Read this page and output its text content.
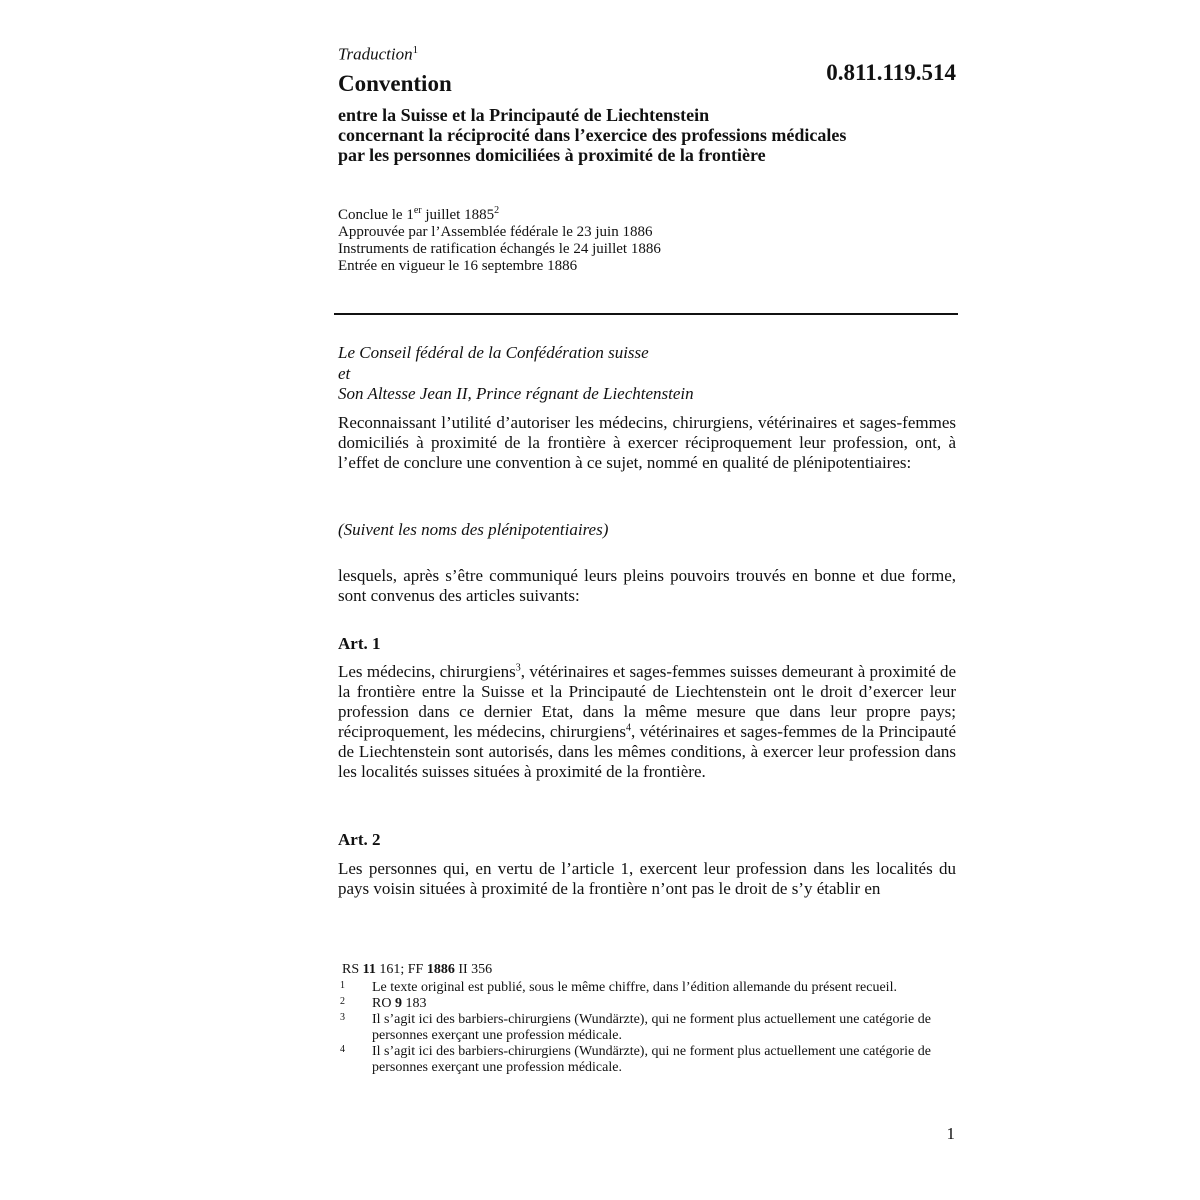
Traduction$^1$
Convention	0.811.119.514
entre la Suisse et la Principauté de Liechtenstein
concernant la réciprocité dans l’exercice des professions médicales
par les personnes domiciliées à proximité de la frontière
Conclue le 1er juillet 1885$^2$
Approuvée par l’Assemblée fédérale le 23 juin 1886
Instruments de ratification échangés le 24 juillet 1886
Entrée en vigueur le 16 septembre 1886
Le Conseil fédéral de la Confédération suisse
et
Son Altesse Jean II, Prince régnant de Liechtenstein
Reconnaissant l’utilité d’autoriser les médecins, chirurgiens, vétérinaires et sages-femmes domiciliés à proximité de la frontière à exercer réciproquement leur profession, ont, à l’effet de conclure une convention à ce sujet, nommé en qualité de plénipotentiaires:
(Suivent les noms des plénipotentiaires)
lesquels, après s’être communiqué leurs pleins pouvoirs trouvés en bonne et due forme, sont convenus des articles suivants:
Art. 1
Les médecins, chirurgiens$^3$, vétérinaires et sages-femmes suisses demeurant à proximité de la frontière entre la Suisse et la Principauté de Liechtenstein ont le droit d’exercer leur profession dans ce dernier Etat, dans la même mesure que dans leur propre pays; réciproquement, les médecins, chirurgiens$^4$, vétérinaires et sages-femmes de la Principauté de Liechtenstein sont autorisés, dans les mêmes conditions, à exercer leur profession dans les localités suisses situées à proximité de la frontière.
Art. 2
Les personnes qui, en vertu de l’article 1, exercent leur profession dans les localités du pays voisin situées à proximité de la frontière n’ont pas le droit de s’y établir en
RS 11 161; FF 1886 II 356
1	Le texte original est publié, sous le même chiffre, dans l’édition allemande du présent recueil.
2	RO 9 183
3	Il s’agit ici des barbiers-chirurgiens (Wundärzte), qui ne forment plus actuellement une catégorie de personnes exerçant une profession médicale.
4	Il s’agit ici des barbiers-chirurgiens (Wundärzte), qui ne forment plus actuellement une catégorie de personnes exerçant une profession médicale.
1
